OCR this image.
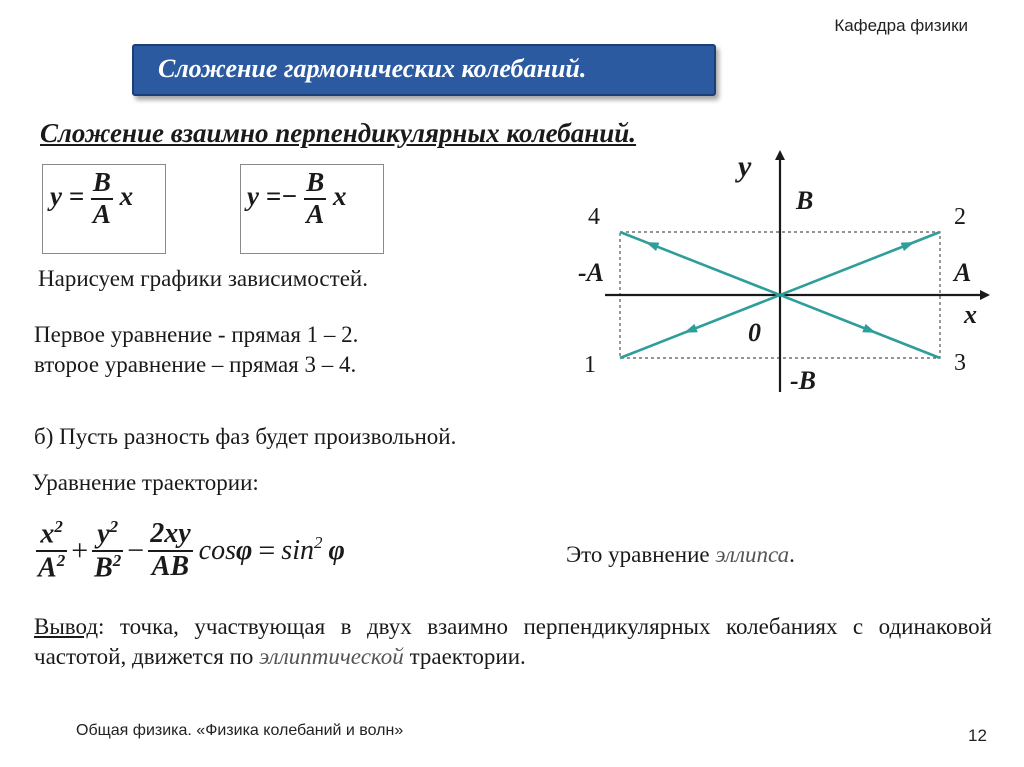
Кафедра физики
Сложение гармонических колебаний.
Сложение взаимно перпендикулярных колебаний.
$y = \frac{B}{A}$ x	$y =- \frac{B}{A}$ x
Нарисуем графики зависимостей.
Первое уравнение - прямая 1 – 2.
второе уравнение – прямая 3 – 4.
y
x
B
-B
A
-A
0
4	2
1	3
б) Пусть разность фаз будет произвольной.
Уравнение траектории:
$\frac{x^2}{A^2} + \frac{y^2}{B^2} - \frac{2xy}{AB}$ $\cos \varphi = \sin^2 \varphi$	Это уравнение эллипса.
Вывод: точка, участвующая в двух взаимно перпендикулярных колебаниях с одинаковой частотой, движется по эллиптической траектории.
Общая физика. «Физика колебаний и волн»	12
